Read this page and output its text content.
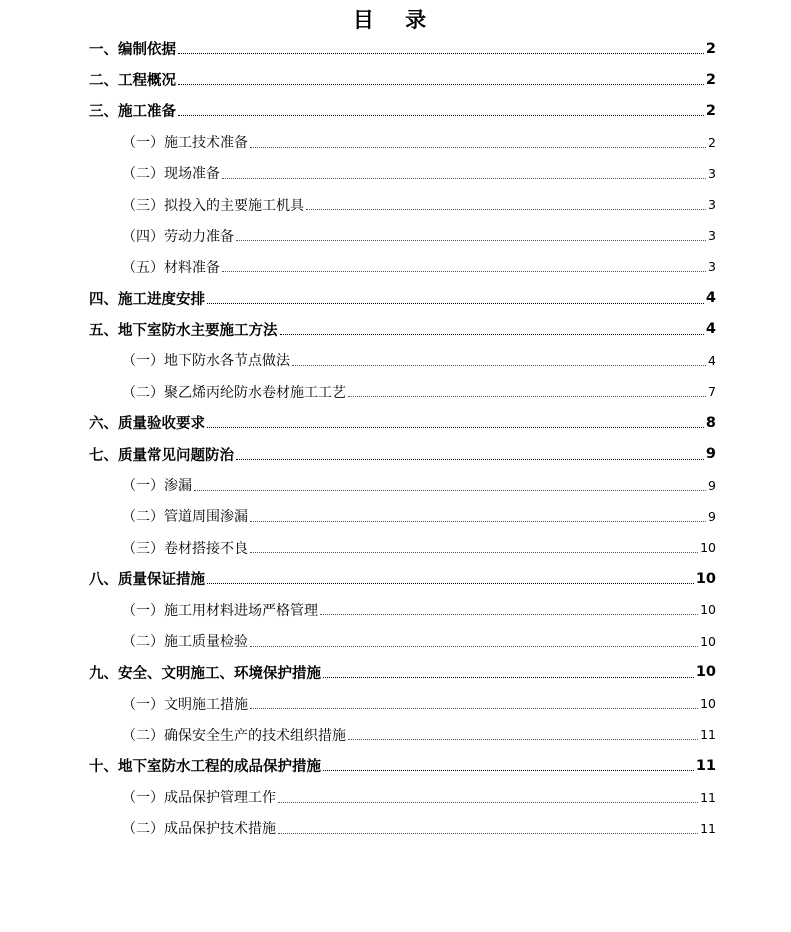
目 录
一、编制依据	2
二、工程概况	2
三、施工准备	2
（一）施工技术准备	2
（二）现场准备	3
（三）拟投入的主要施工机具	3
（四）劳动力准备	3
（五）材料准备	3
四、施工进度安排	4
五、地下室防水主要施工方法	4
（一）地下防水各节点做法	4
（二）聚乙烯丙纶防水卷材施工工艺	7
六、质量验收要求	8
七、质量常见问题防治	9
（一）渗漏	9
（二）管道周围渗漏	9
（三）卷材搭接不良	10
八、质量保证措施	10
（一）施工用材料进场严格管理	10
（二）施工质量检验	10
九、安全、文明施工、环境保护措施	10
（一）文明施工措施	10
（二）确保安全生产的技术组织措施	11
十、地下室防水工程的成品保护措施	11
（一）成品保护管理工作	11
（二）成品保护技术措施	11
